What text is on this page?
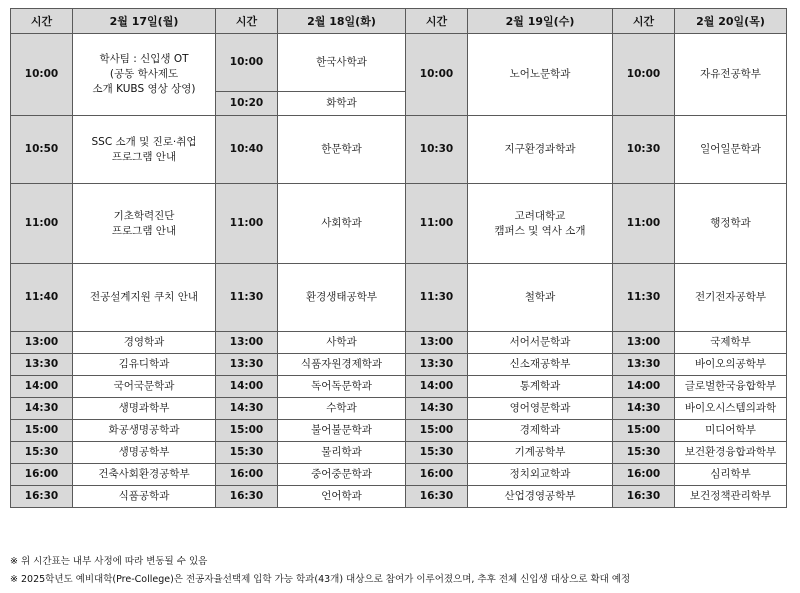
시간	2월 17일(월)	시간	2월 18일(화)	시간	2월 19일(수)	시간	2월 20일(목)
10:00	학사팀 : 신입생 OT
(공동 학사제도
소개 KUBS 영상 상영)	10:00	한국사학과	10:00	노어노문학과	10:00	자유전공학부
		10:20	화학과				
10:50	SSC 소개 및 진로·취업
프로그램 안내	10:40	한문학과	10:30	지구환경과학과	10:30	일어일문학과
11:00	기초학력진단
프로그램 안내	11:00	사회학과	11:00	고려대학교
캠퍼스 및 역사 소개	11:00	행정학과
11:40	전공설계지원 쿠치 안내	11:30	환경생태공학부	11:30	철학과	11:30	전기전자공학부
13:00	경영학과	13:00	사학과	13:00	서어서문학과	13:00	국제학부
13:30	김유디학과	13:30	식품자원경제학과	13:30	신소재공학부	13:30	바이오의공학부
14:00	국어국문학과	14:00	독어독문학과	14:00	통계학과	14:00	글로벌한국융합학부
14:30	생명과학부	14:30	수학과	14:30	영어영문학과	14:30	바이오시스템의과학
15:00	화공생명공학과	15:00	불어불문학과	15:00	경제학과	15:00	미디어학부
15:30	생명공학부	15:30	물리학과	15:30	기계공학부	15:30	보건환경융합과학부
16:00	건축사회환경공학부	16:00	중어중문학과	16:00	정치외교학과	16:00	심리학부
16:30	식품공학과	16:30	언어학과	16:30	산업경영공학부	16:30	보건정책관리학부
※ 위 시간표는 내부 사정에 따라 변동될 수 있음
※ 2025학년도 예비대학(Pre-College)은 전공자율선택제 입학 가능 학과(43개) 대상으로 참여가 이루어졌으며, 추후 전체 신입생 대상으로 확대 예정
